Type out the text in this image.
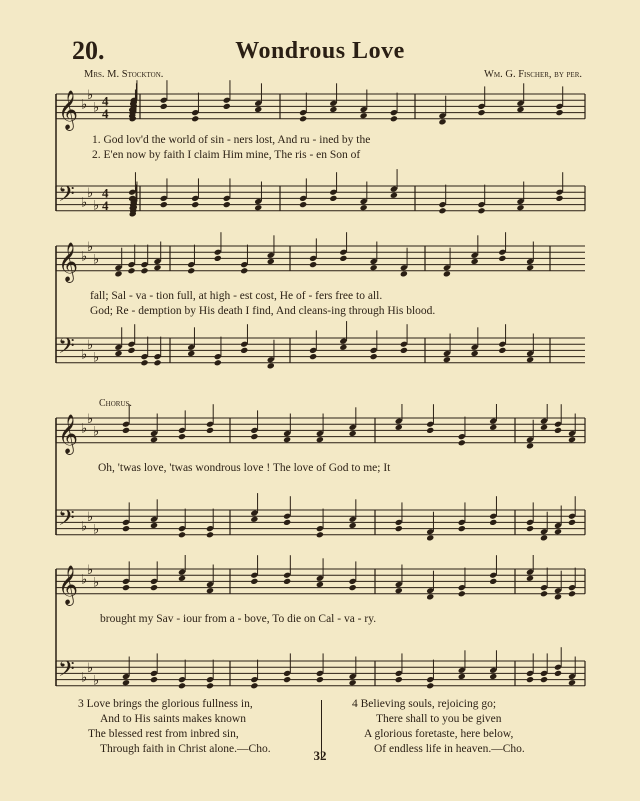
20.	Wondrous Love
Mrs. M. Stockton.	Wm. G. Fischer, by per.
𝄞 ♭
♭
♭ 4
4
𝄢 ♭
♭
♭
4
4
𝄞 ♭
♭
♭
𝄢 ♭
♭
♭
𝄞 ♭
♭
♭
𝄢 ♭
♭
♭
𝄞 ♭
♭
♭
𝄢 ♭
♭
♭
1. God lov'd the world of sin - ners lost, And ru - ined by the
2. E'en now by faith I claim Him mine, The ris - en Son of
fall; Sal - va - tion full, at high - est cost, He of - fers free to all.
God; Re - demption by His death I find, And cleans-ing through His blood.
Chorus.
Oh, 'twas love, 'twas wondrous love ! The love of God to me; It
brought my Sav - iour from a - bove, To die on Cal - va - ry.
3 Love brings the glorious fullness in,
And to His saints makes known
The blessed rest from inbred sin,
Through faith in Christ alone.—Cho.
4 Believing souls, rejoicing go;
There shall to you be given
A glorious foretaste, here below,
Of endless life in heaven.—Cho.
32
